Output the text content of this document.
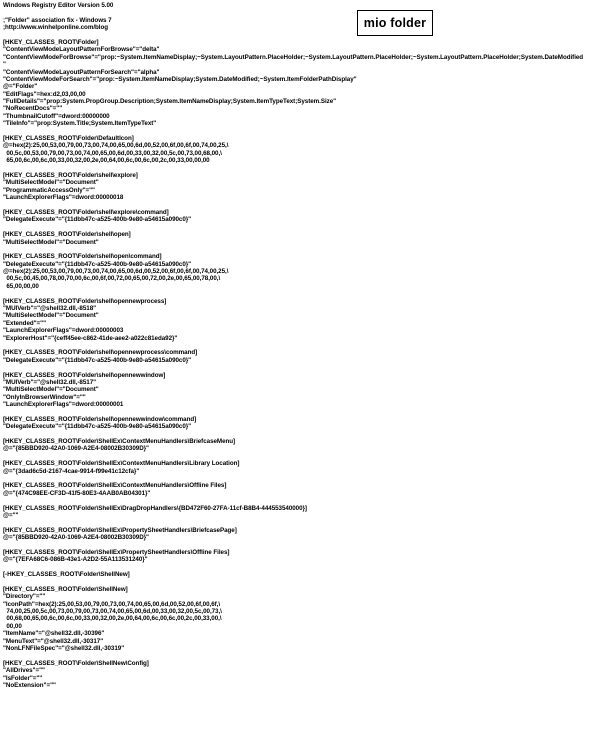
Windows Registry Editor Version 5.00
;"Folder" association fix - Windows 7
;http://www.winhelponline.com/blog
[HKEY_CLASSES_ROOT\Folder]
"ContentViewModeLayoutPatternForBrowse"="delta"
"ContentViewModeForBrowse"="prop:~System.ItemNameDisplay;~System.LayoutPattern.PlaceHolder;~System.LayoutPattern.PlaceHolder;~System.LayoutPattern.PlaceHolder;System.DateModified
"
"ContentViewModeLayoutPatternForSearch"="alpha"
"ContentViewModeForSearch"="prop:~System.ItemNameDisplay;System.DateModified;~System.ItemFolderPathDisplay"
@="Folder"
"EditFlags"=hex:d2,03,00,00
"FullDetails"="prop:System.PropGroup.Description;System.ItemNameDisplay;System.ItemTypeText;System.Size"
"NoRecentDocs"=""
"ThumbnailCutoff"=dword:00000000
"TileInfo"="prop:System.Title;System.ItemTypeText"
[HKEY_CLASSES_ROOT\Folder\DefaultIcon]
@=hex(2):25,00,53,00,79,00,73,00,74,00,65,00,6d,00,52,00,6f,00,6f,00,74,00,25,\
00,5c,00,53,00,79,00,73,00,74,00,65,00,6d,00,33,00,32,00,5c,00,73,00,68,00,\
65,00,6c,00,6c,00,33,00,32,00,2e,00,64,00,6c,00,6c,00,2c,00,33,00,00,00
[HKEY_CLASSES_ROOT\Folder\shell\explore]
"MultiSelectModel"="Document"
"ProgrammaticAccessOnly"=""
"LaunchExplorerFlags"=dword:00000018
[HKEY_CLASSES_ROOT\Folder\shell\explore\command]
"DelegateExecute"="{11dbb47c-a525-400b-9e80-a54615a090c0}"
[HKEY_CLASSES_ROOT\Folder\shell\open]
"MultiSelectModel"="Document"
[HKEY_CLASSES_ROOT\Folder\shell\open\command]
"DelegateExecute"="{11dbb47c-a525-400b-9e80-a54615a090c0}"
@=hex(2):25,00,53,00,79,00,73,00,74,00,65,00,6d,00,52,00,6f,00,6f,00,74,00,25,\
00,5c,00,45,00,78,00,70,00,6c,00,6f,00,72,00,65,00,72,00,2e,00,65,00,78,00,\
65,00,00,00
[HKEY_CLASSES_ROOT\Folder\shell\opennewprocess]
"MUIVerb"="@shell32.dll,-8518"
"MultiSelectModel"="Document"
"Extended"=""
"LaunchExplorerFlags"=dword:00000003
"ExplorerHost"="{ceff45ee-c862-41de-aee2-a022c81eda92}"
[HKEY_CLASSES_ROOT\Folder\shell\opennewprocess\command]
"DelegateExecute"="{11dbb47c-a525-400b-9e80-a54615a090c0}"
[HKEY_CLASSES_ROOT\Folder\shell\opennewwindow]
"MUIVerb"="@shell32.dll,-8517"
"MultiSelectModel"="Document"
"OnlyInBrowserWindow"=""
"LaunchExplorerFlags"=dword:00000001
[HKEY_CLASSES_ROOT\Folder\shell\opennewwindow\command]
"DelegateExecute"="{11dbb47c-a525-400b-9e80-a54615a090c0}"
[HKEY_CLASSES_ROOT\Folder\ShellEx\ContextMenuHandlers\BriefcaseMenu]
@="{85BBD920-42A0-1069-A2E4-08002B30309D}"
[HKEY_CLASSES_ROOT\Folder\ShellEx\ContextMenuHandlers\Library Location]
@="{3dad6c5d-2167-4cae-9914-f99e41c12cfa}"
[HKEY_CLASSES_ROOT\Folder\ShellEx\ContextMenuHandlers\Offline Files]
@="{474C98EE-CF3D-41f5-80E3-4AAB0AB04301}"
[HKEY_CLASSES_ROOT\Folder\ShellEx\DragDropHandlers\{BD472F60-27FA-11cf-B8B4-444553540000}]
@=""
[HKEY_CLASSES_ROOT\Folder\ShellEx\PropertySheetHandlers\BriefcasePage]
@="{85BBD920-42A0-1069-A2E4-08002B30309D}"
[HKEY_CLASSES_ROOT\Folder\ShellEx\PropertySheetHandlers\Offline Files]
@="{7EFA68C6-086B-43e1-A2D2-55A113531240}"
[-HKEY_CLASSES_ROOT\Folder\ShellNew]
[HKEY_CLASSES_ROOT\Folder\ShellNew]
"Directory"=""
"IconPath"=hex(2):25,00,53,00,79,00,73,00,74,00,65,00,6d,00,52,00,6f,00,6f,\
74,00,25,00,5c,00,73,00,79,00,73,00,74,00,65,00,6d,00,33,00,32,00,5c,00,73,\
00,68,00,65,00,6c,00,6c,00,33,00,32,00,2e,00,64,00,6c,00,6c,00,2c,00,33,00,\
00,00
"ItemName"="@shell32.dll,-30396"
"MenuText"="@shell32.dll,-30317"
"NonLFNFileSpec"="@shell32.dll,-30319"
[HKEY_CLASSES_ROOT\Folder\ShellNew\Config]
"AllDrives"=""
"IsFolder"=""
"NoExtension"=""
mio folder
